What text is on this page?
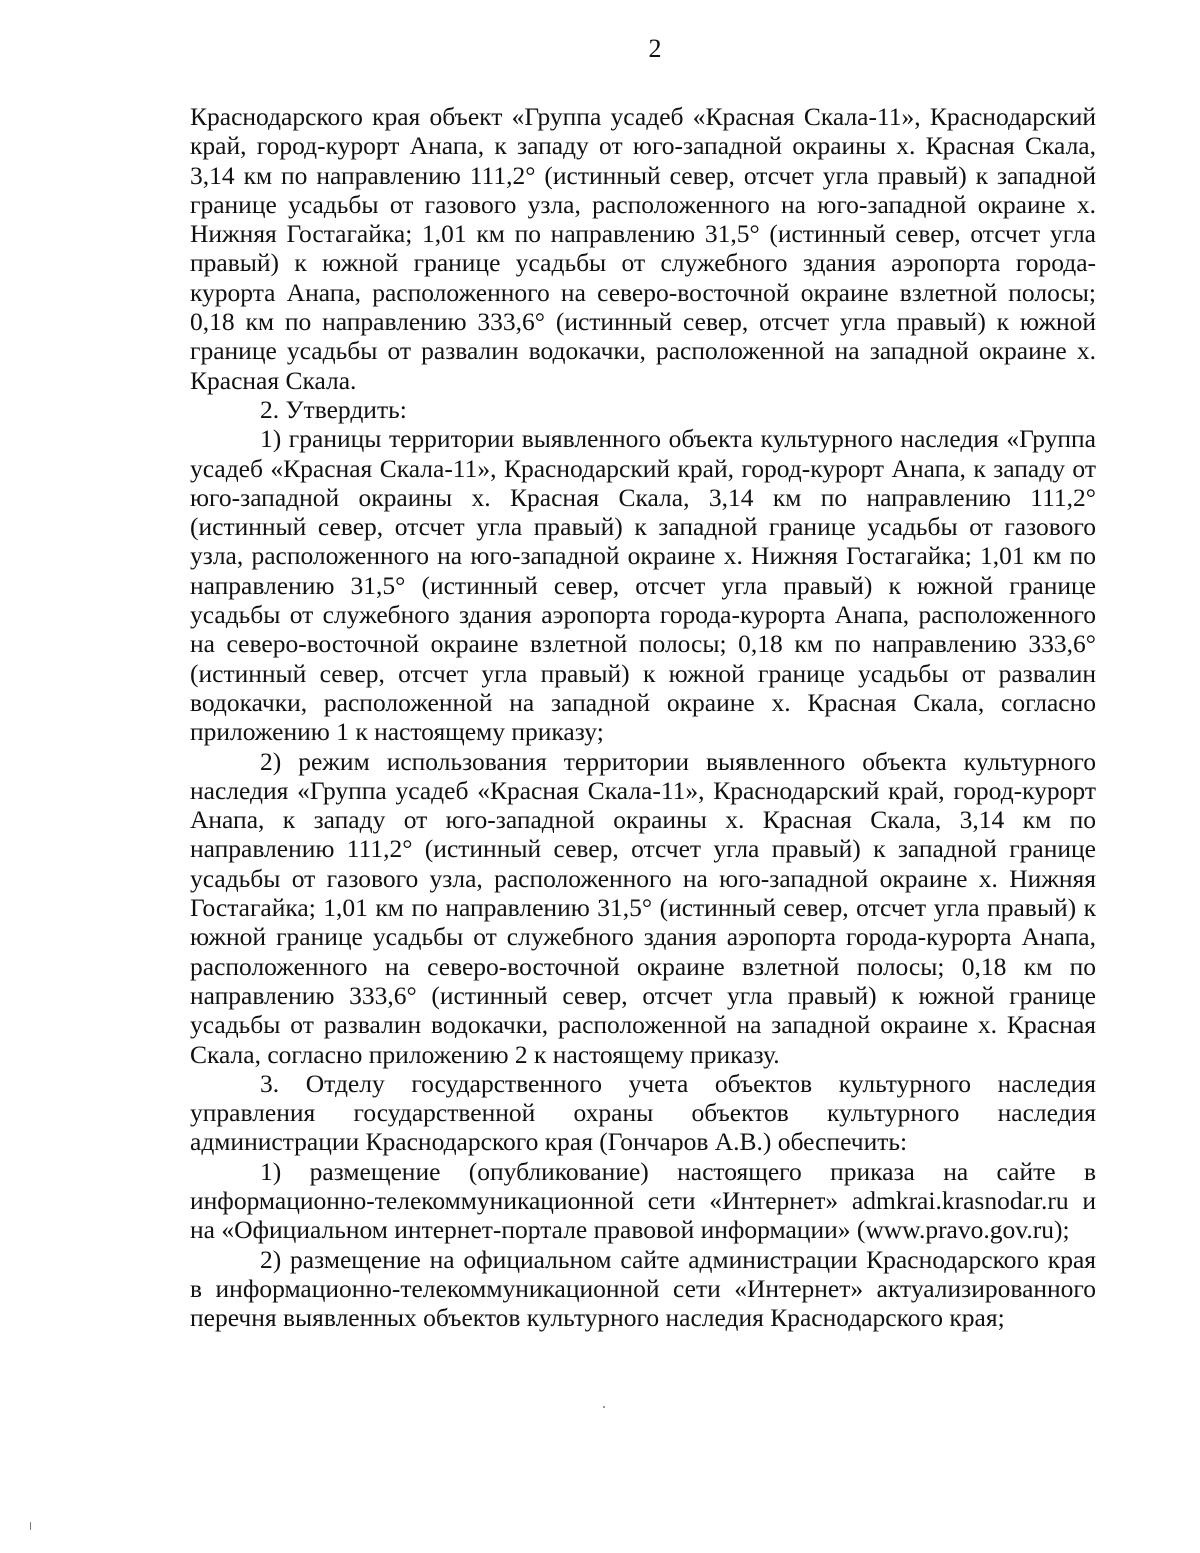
2

Краснодарского края объект «Группа усадеб «Красная Скала-11», Краснодарский край, город-курорт Анапа, к западу от юго-западной окраины х. Красная Скала, 3,14 км по направлению 111,2° (истинный север, отсчет угла правый) к западной границе усадьбы от газового узла, расположенного на юго-западной окраине х. Нижняя Гостагайка; 1,01 км по направлению 31,5° (истинный север, отсчет угла правый) к южной границе усадьбы от служебного здания аэропорта города-курорта Анапа, расположенного на северо-восточной окраине взлетной полосы; 0,18 км по направлению 333,6° (истинный север, отсчет угла правый) к южной границе усадьбы от развалин водокачки, расположенной на западной окраине х. Красная Скала.

2. Утвердить:

1) границы территории выявленного объекта культурного наследия «Группа усадеб «Красная Скала-11», Краснодарский край, город-курорт Анапа, к западу от юго-западной окраины х. Красная Скала, 3,14 км по направлению 111,2° (истинный север, отсчет угла правый) к западной границе усадьбы от газового узла, расположенного на юго-западной окраине х. Нижняя Гостагайка; 1,01 км по направлению 31,5° (истинный север, отсчет угла правый) к южной границе усадьбы от служебного здания аэропорта города-курорта Анапа, расположенного на северо-восточной окраине взлетной полосы; 0,18 км по направлению 333,6° (истинный север, отсчет угла правый) к южной границе усадьбы от развалин водокачки, расположенной на западной окраине х. Красная Скала, согласно приложению 1 к настоящему приказу;

2) режим использования территории выявленного объекта культурного наследия «Группа усадеб «Красная Скала-11», Краснодарский край, город-курорт Анапа, к западу от юго-западной окраины х. Красная Скала, 3,14 км по направлению 111,2° (истинный север, отсчет угла правый) к западной границе усадьбы от газового узла, расположенного на юго-западной окраине х. Нижняя Гостагайка; 1,01 км по направлению 31,5° (истинный север, отсчет угла правый) к южной границе усадьбы от служебного здания аэропорта города-курорта Анапа, расположенного на северо-восточной окраине взлетной полосы; 0,18 км по направлению 333,6° (истинный север, отсчет угла правый) к южной границе усадьбы от развалин водокачки, расположенной на западной окраине х. Красная Скала, согласно приложению 2 к настоящему приказу.

3. Отделу государственного учета объектов культурного наследия управления государственной охраны объектов культурного наследия администрации Краснодарского края (Гончаров А.В.) обеспечить:

1) размещение (опубликование) настоящего приказа на сайте в информационно-телекоммуникационной сети «Интернет» admkrai.krasnodar.ru и на «Официальном интернет-портале правовой информации» (www.pravo.gov.ru);

2) размещение на официальном сайте администрации Краснодарского края в информационно-телекоммуникационной сети «Интернет» актуализированного перечня выявленных объектов культурного наследия Краснодарского края;
